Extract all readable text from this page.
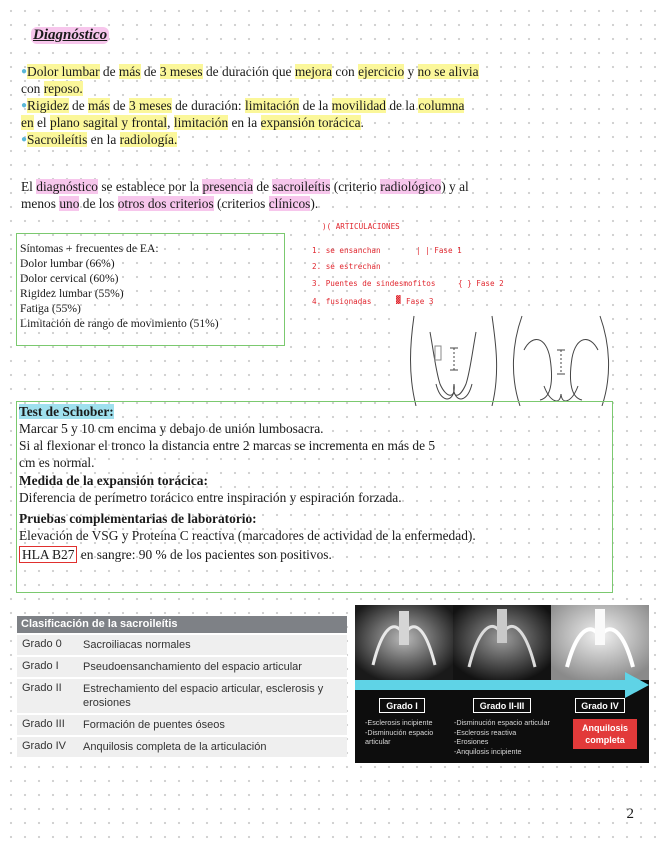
Diagnóstico
●Dolor lumbar de más de 3 meses de duración que mejora con ejercicio y no se alivia
con reposo.
●Rigidez de más de 3 meses de duración: limitación de la movilidad de la columna
en el plano sagital y frontal, limitación en la expansión torácica.
●Sacroileítis en la radiología.
El diagnóstico se establece por la presencia de sacroileítis (criterio radiológico) y al
menos uno de los otros dos criterios (criterios clínicos).
Síntomas + frecuentes de EA:
Dolor lumbar (66%)
Dolor cervical (60%)
Rigidez lumbar (55%)
Fatiga (55%)
Limitación de rango de movimiento (51%)
)( ARTICULACIONES
1. se ensanchan	| | Fase 1
2. se estrechan
3. Puentes de sindesmofitos	{ } Fase 2
4. fusionadas	▓ Fase 3
Test de Schober:
Marcar 5 y 10 cm encima y debajo de unión lumbosacra.
Si al flexionar el tronco la distancia entre 2 marcas se incrementa en más de 5
cm es normal.
Medida de la expansión torácica:
Diferencia de perímetro torácico entre inspiración y espiración forzada.
Pruebas complementarias de laboratorio:
Elevación de VSG y Proteína C reactiva (marcadores de actividad de la enfermedad).
HLA B27 en sangre: 90 % de los pacientes son positivos.
Clasificación de la sacroileítis
Grado 0	Sacroiliacas normales
Grado I	Pseudoensanchamiento del espacio articular
Grado II	Estrechamiento del espacio articular, esclerosis y erosiones
Grado III	Formación de puentes óseos
Grado IV	Anquilosis completa de la articulación
Grado I	Grado II-III	Grado IV
-Esclerosis incipiente
-Disminución espacio
articular
-Disminución espacio articular
-Esclerosis reactiva
-Erosiones
-Anquilosis incipiente
Anquilosis
completa
2
